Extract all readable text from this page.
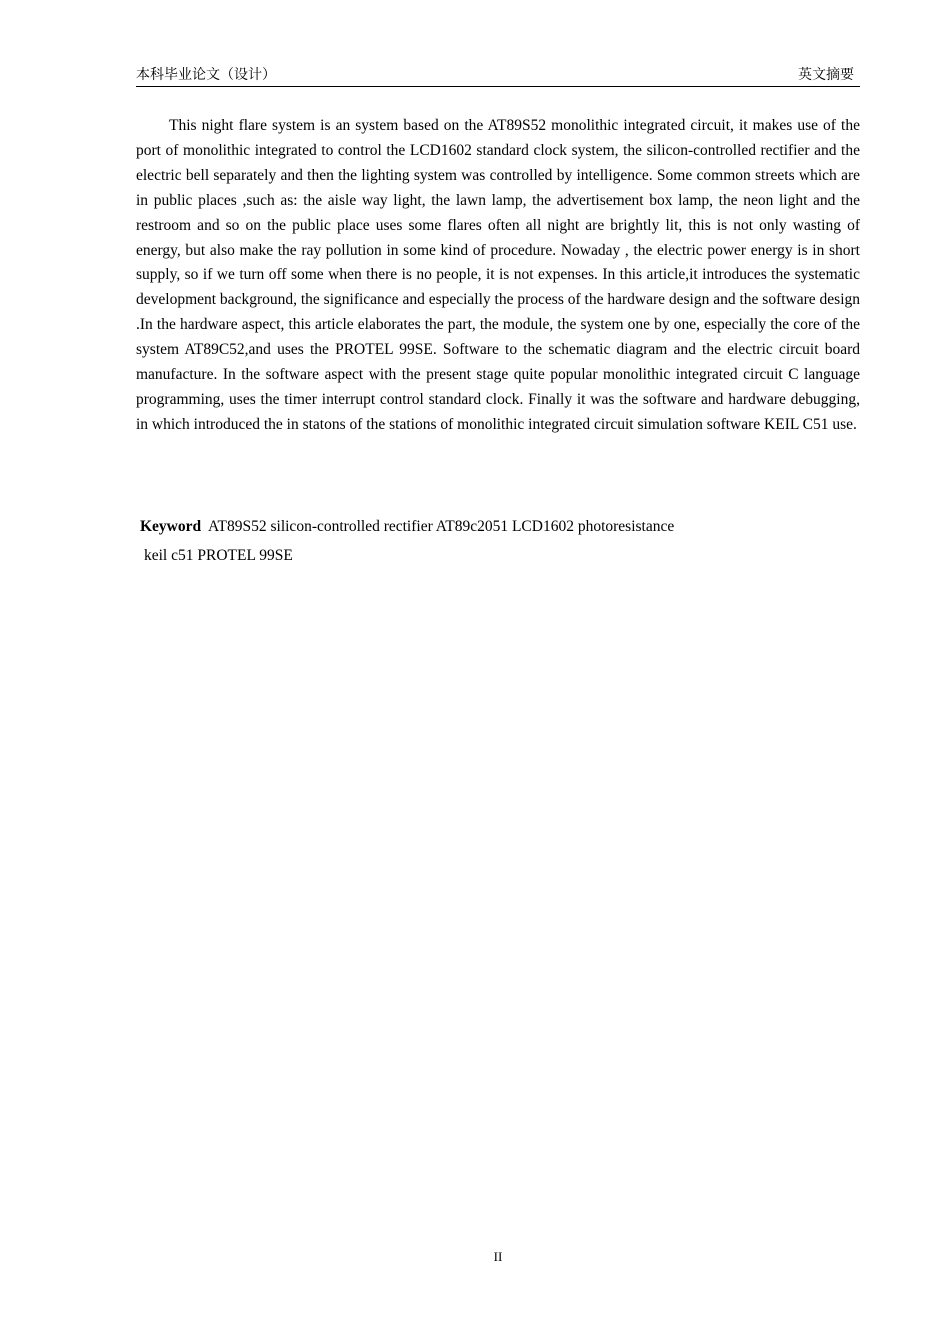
本科毕业论文（设计）	英文摘要

This night flare system is an system based on the AT89S52 monolithic integrated circuit, it makes use of the port of monolithic integrated to control the LCD1602 standard clock system, the silicon-controlled rectifier and the electric bell separately and then the lighting system was controlled by intelligence. Some common streets which are in public places ,such as: the aisle way light, the lawn lamp, the advertisement box lamp, the neon light and the restroom and so on the public place uses some flares often all night are brightly lit, this is not only wasting of energy, but also make the ray pollution in some kind of procedure. Nowaday , the electric power energy is in short supply, so if we turn off some when there is no people, it is not expenses. In this article,it introduces the systematic development background, the significance and especially the process of the hardware design and the software design .In the hardware aspect, this article elaborates the part, the module, the system one by one, especially the core of the system AT89C52,and uses the PROTEL 99SE. Software to the schematic diagram and the electric circuit board manufacture. In the software aspect with the present stage quite popular monolithic integrated circuit C language programming, uses the timer interrupt control standard clock. Finally it was the software and hardware debugging, in which introduced the in statons of the stations of monolithic integrated circuit simulation software KEIL C51 use.

Keyword AT89S52 silicon-controlled rectifier AT89c2051 LCD1602 photoresistance
keil c51 PROTEL 99SE
II
